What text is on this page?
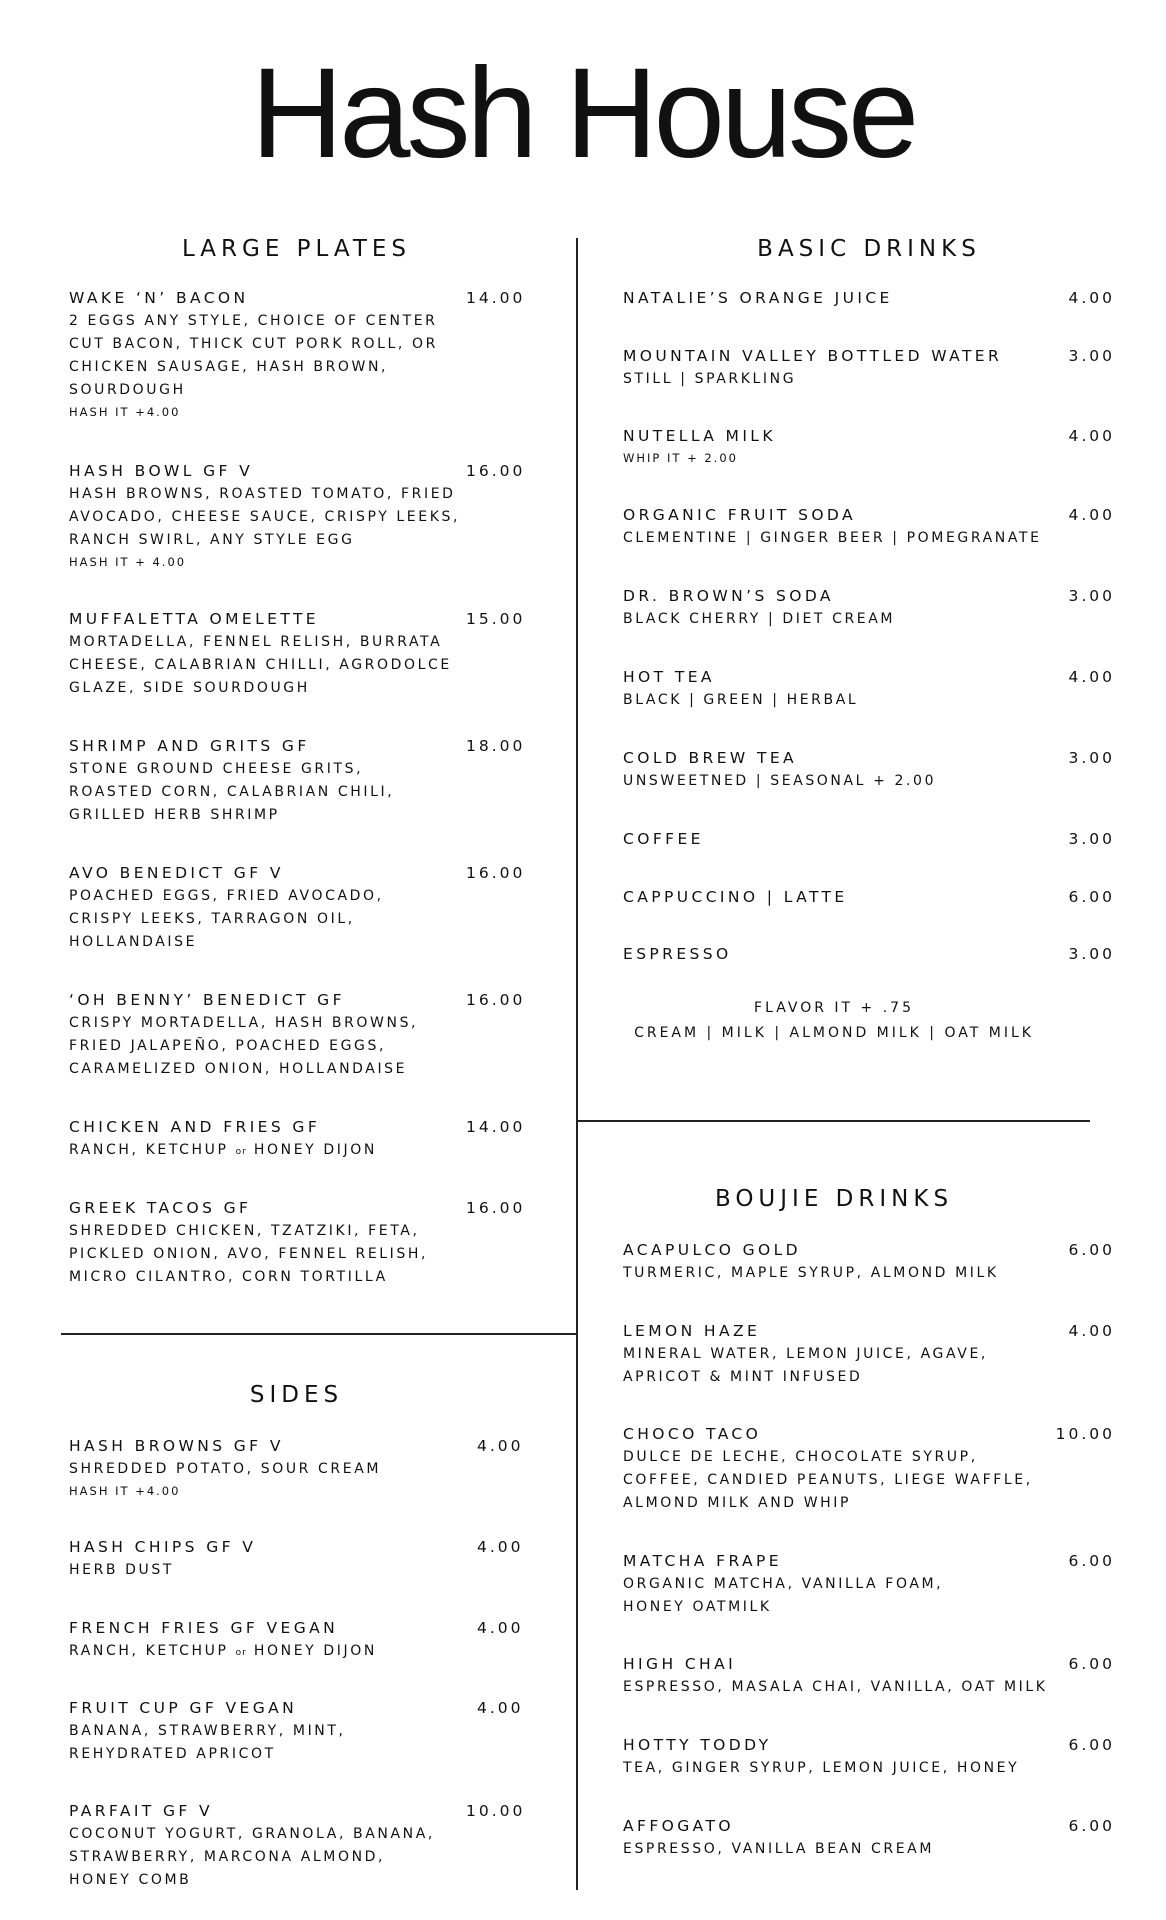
Hash House
LARGE PLATES
WAKE ‘N’ BACON
2 EGGS ANY STYLE, CHOICE OF CENTER
CUT BACON, THICK CUT PORK ROLL, OR
CHICKEN SAUSAGE, HASH BROWN,
SOURDOUGH
HASH IT +4.00
14.00
HASH BOWL GF V
HASH BROWNS, ROASTED TOMATO, FRIED
AVOCADO, CHEESE SAUCE, CRISPY LEEKS,
RANCH SWIRL, ANY STYLE EGG
HASH IT + 4.00
16.00
MUFFALETTA OMELETTE
MORTADELLA, FENNEL RELISH, BURRATA
CHEESE, CALABRIAN CHILLI, AGRODOLCE
GLAZE, SIDE SOURDOUGH
15.00
SHRIMP AND GRITS GF
STONE GROUND CHEESE GRITS,
ROASTED CORN, CALABRIAN CHILI,
GRILLED HERB SHRIMP
18.00
AVO BENEDICT GF V
POACHED EGGS, FRIED AVOCADO,
CRISPY LEEKS, TARRAGON OIL,
HOLLANDAISE
16.00
‘OH BENNY’ BENEDICT GF
CRISPY MORTADELLA, HASH BROWNS,
FRIED JALAPEÑO, POACHED EGGS,
CARAMELIZED ONION, HOLLANDAISE
16.00
CHICKEN AND FRIES GF
RANCH, KETCHUP or HONEY DIJON
14.00
GREEK TACOS GF
SHREDDED CHICKEN, TZATZIKI, FETA,
PICKLED ONION, AVO, FENNEL RELISH,
MICRO CILANTRO, CORN TORTILLA
16.00
SIDES
HASH BROWNS GF V
SHREDDED POTATO, SOUR CREAM
HASH IT +4.00
4.00
HASH CHIPS GF V
HERB DUST
4.00
FRENCH FRIES GF VEGAN
RANCH, KETCHUP or HONEY DIJON
4.00
FRUIT CUP GF VEGAN
BANANA, STRAWBERRY, MINT,
REHYDRATED APRICOT
4.00
PARFAIT GF V
COCONUT YOGURT, GRANOLA, BANANA,
STRAWBERRY, MARCONA ALMOND,
HONEY COMB
10.00
BASIC DRINKS
NATALIE’S ORANGE JUICE	4.00
MOUNTAIN VALLEY BOTTLED WATER
STILL | SPARKLING
3.00
NUTELLA MILK
WHIP IT + 2.00
4.00
ORGANIC FRUIT SODA
CLEMENTINE | GINGER BEER | POMEGRANATE
4.00
DR. BROWN’S SODA
BLACK CHERRY | DIET CREAM
3.00
HOT TEA
BLACK | GREEN | HERBAL
4.00
COLD BREW TEA
UNSWEETNED | SEASONAL + 2.00
3.00
COFFEE	3.00
CAPPUCCINO | LATTE	6.00
ESPRESSO	3.00
FLAVOR IT + .75
CREAM | MILK | ALMOND MILK | OAT MILK
BOUJIE DRINKS
ACAPULCO GOLD
TURMERIC, MAPLE SYRUP, ALMOND MILK
6.00
LEMON HAZE
MINERAL WATER, LEMON JUICE, AGAVE,
APRICOT & MINT INFUSED
4.00
CHOCO TACO
DULCE DE LECHE, CHOCOLATE SYRUP,
COFFEE, CANDIED PEANUTS, LIEGE WAFFLE,
ALMOND MILK AND WHIP
10.00
MATCHA FRAPE
ORGANIC MATCHA, VANILLA FOAM,
HONEY OATMILK
6.00
HIGH CHAI
ESPRESSO, MASALA CHAI, VANILLA, OAT MILK
6.00
HOTTY TODDY
TEA, GINGER SYRUP, LEMON JUICE, HONEY
6.00
AFFOGATO
ESPRESSO, VANILLA BEAN CREAM
6.00
